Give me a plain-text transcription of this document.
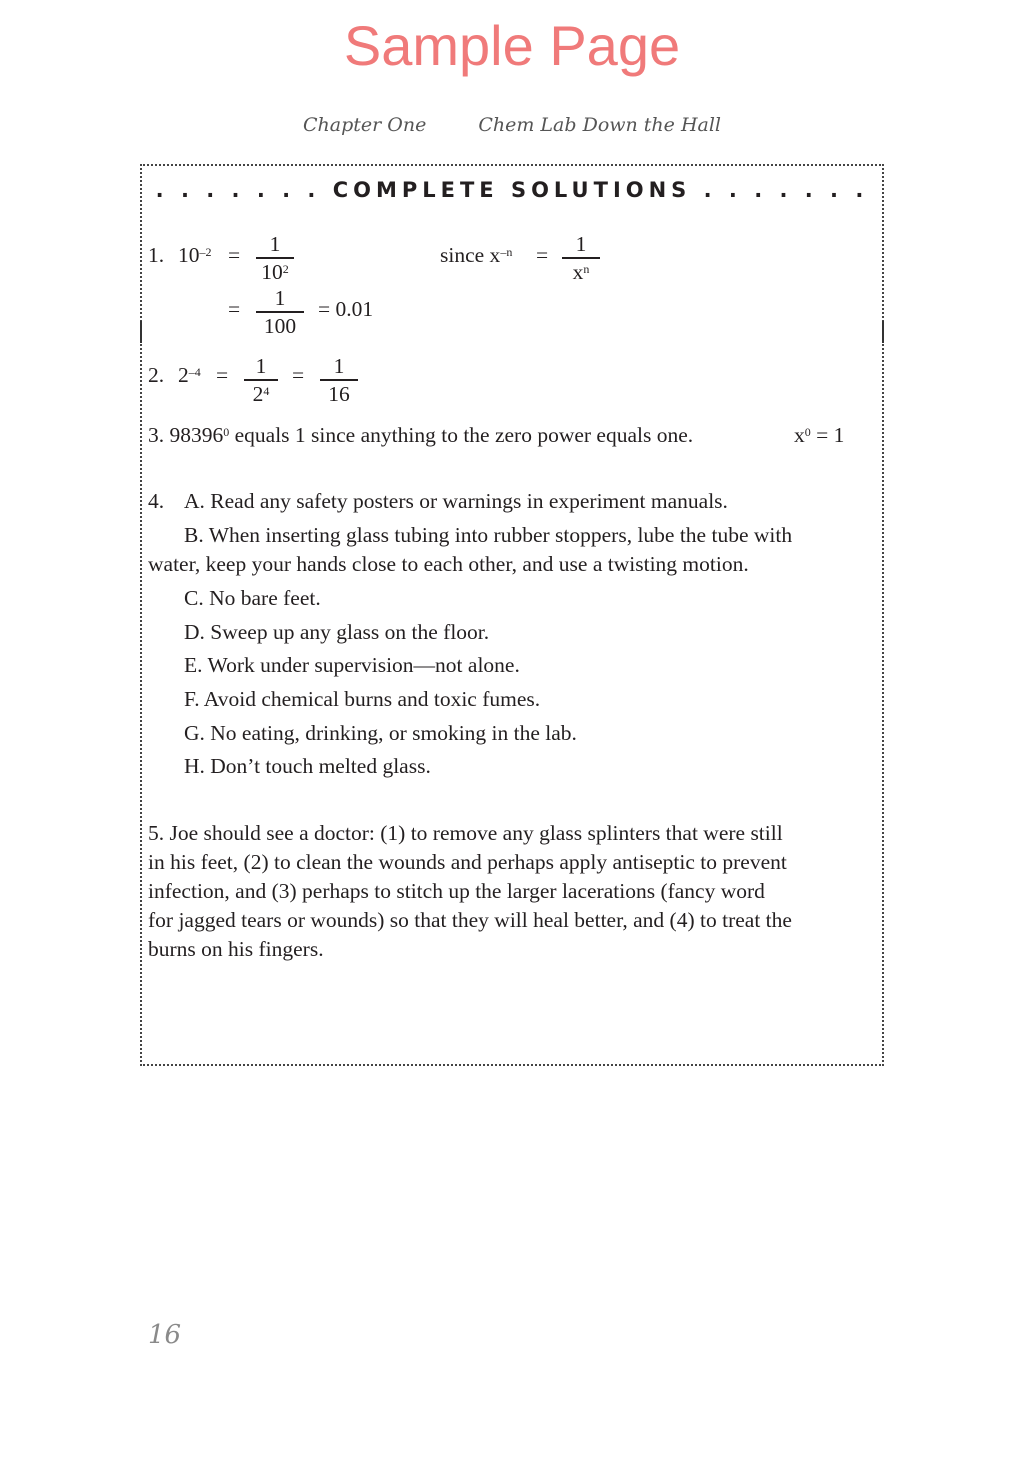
Sample Page
Chapter One	Chem Lab Down the Hall
. . . . . . . COMPLETE SOLUTIONS . . . . . . .
1. $10^{-2}$ =	1
$10^2$
since $x^{-n}$ =	1
$x^n$
=	1
100
= 0.01
2. $2^{-4}$ =	1
$2^4$
=	1
16
3. 98396$^0$ equals 1 since anything to the zero power equals one.	$x^0 = 1$
4. A. Read any safety posters or warnings in experiment manuals.
B. When inserting glass tubing into rubber stoppers, lube the tube with
water, keep your hands close to each other, and use a twisting motion.
C. No bare feet.
D. Sweep up any glass on the floor.
E. Work under supervision—not alone.
F. Avoid chemical burns and toxic fumes.
G. No eating, drinking, or smoking in the lab.
H. Don’t touch melted glass.
5. Joe should see a doctor: (1) to remove any glass splinters that were still
in his feet, (2) to clean the wounds and perhaps apply antiseptic to prevent
infection, and (3) perhaps to stitch up the larger lacerations (fancy word
for jagged tears or wounds) so that they will heal better, and (4) to treat the
burns on his fingers.
16
